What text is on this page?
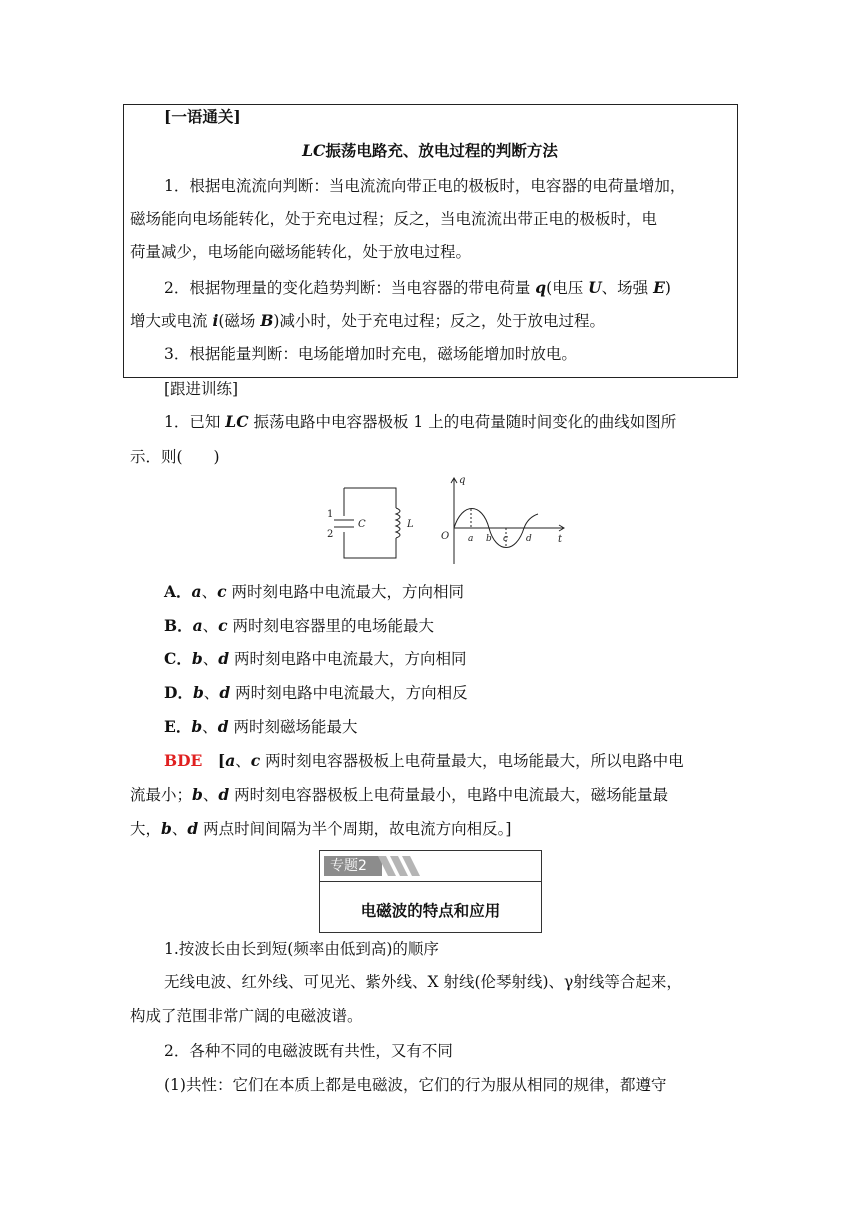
[一语通关]
LC振荡电路充、放电过程的判断方法
1．根据电流流向判断：当电流流向带正电的极板时，电容器的电荷量增加，
磁场能向电场能转化，处于充电过程；反之，当电流流出带正电的极板时，电
荷量减少，电场能向磁场能转化，处于放电过程。
2．根据物理量的变化趋势判断：当电容器的带电荷量 q(电压 U、场强 E)
增大或电流 i(磁场 B)减小时，处于充电过程；反之，处于放电过程。
3．根据能量判断：电场能增加时充电，磁场能增加时放电。
[跟进训练]
1．已知 LC 振荡电路中电容器极板 1 上的电荷量随时间变化的曲线如图所
示．则(　　)
1
2
C	L
q
O	t
a b c d
A．a、c 两时刻电路中电流最大，方向相同
B．a、c 两时刻电容器里的电场能最大
C．b、d 两时刻电路中电流最大，方向相同
D．b、d 两时刻电路中电流最大，方向相反
E．b、d 两时刻磁场能最大
BDE　 [a、c 两时刻电容器极板上电荷量最大，电场能最大，所以电路中电
流最小；b、d 两时刻电容器极板上电荷量最小，电路中电流最大，磁场能量最
大，b、d 两点时间间隔为半个周期，故电流方向相反。]
专题2
电磁波的特点和应用
1.按波长由长到短(频率由低到高)的顺序
无线电波、红外线、可见光、紫外线、X 射线(伦琴射线)、γ射线等合起来，
构成了范围非常广阔的电磁波谱。
2．各种不同的电磁波既有共性，又有不同
(1)共性：它们在本质上都是电磁波，它们的行为服从相同的规律，都遵守
